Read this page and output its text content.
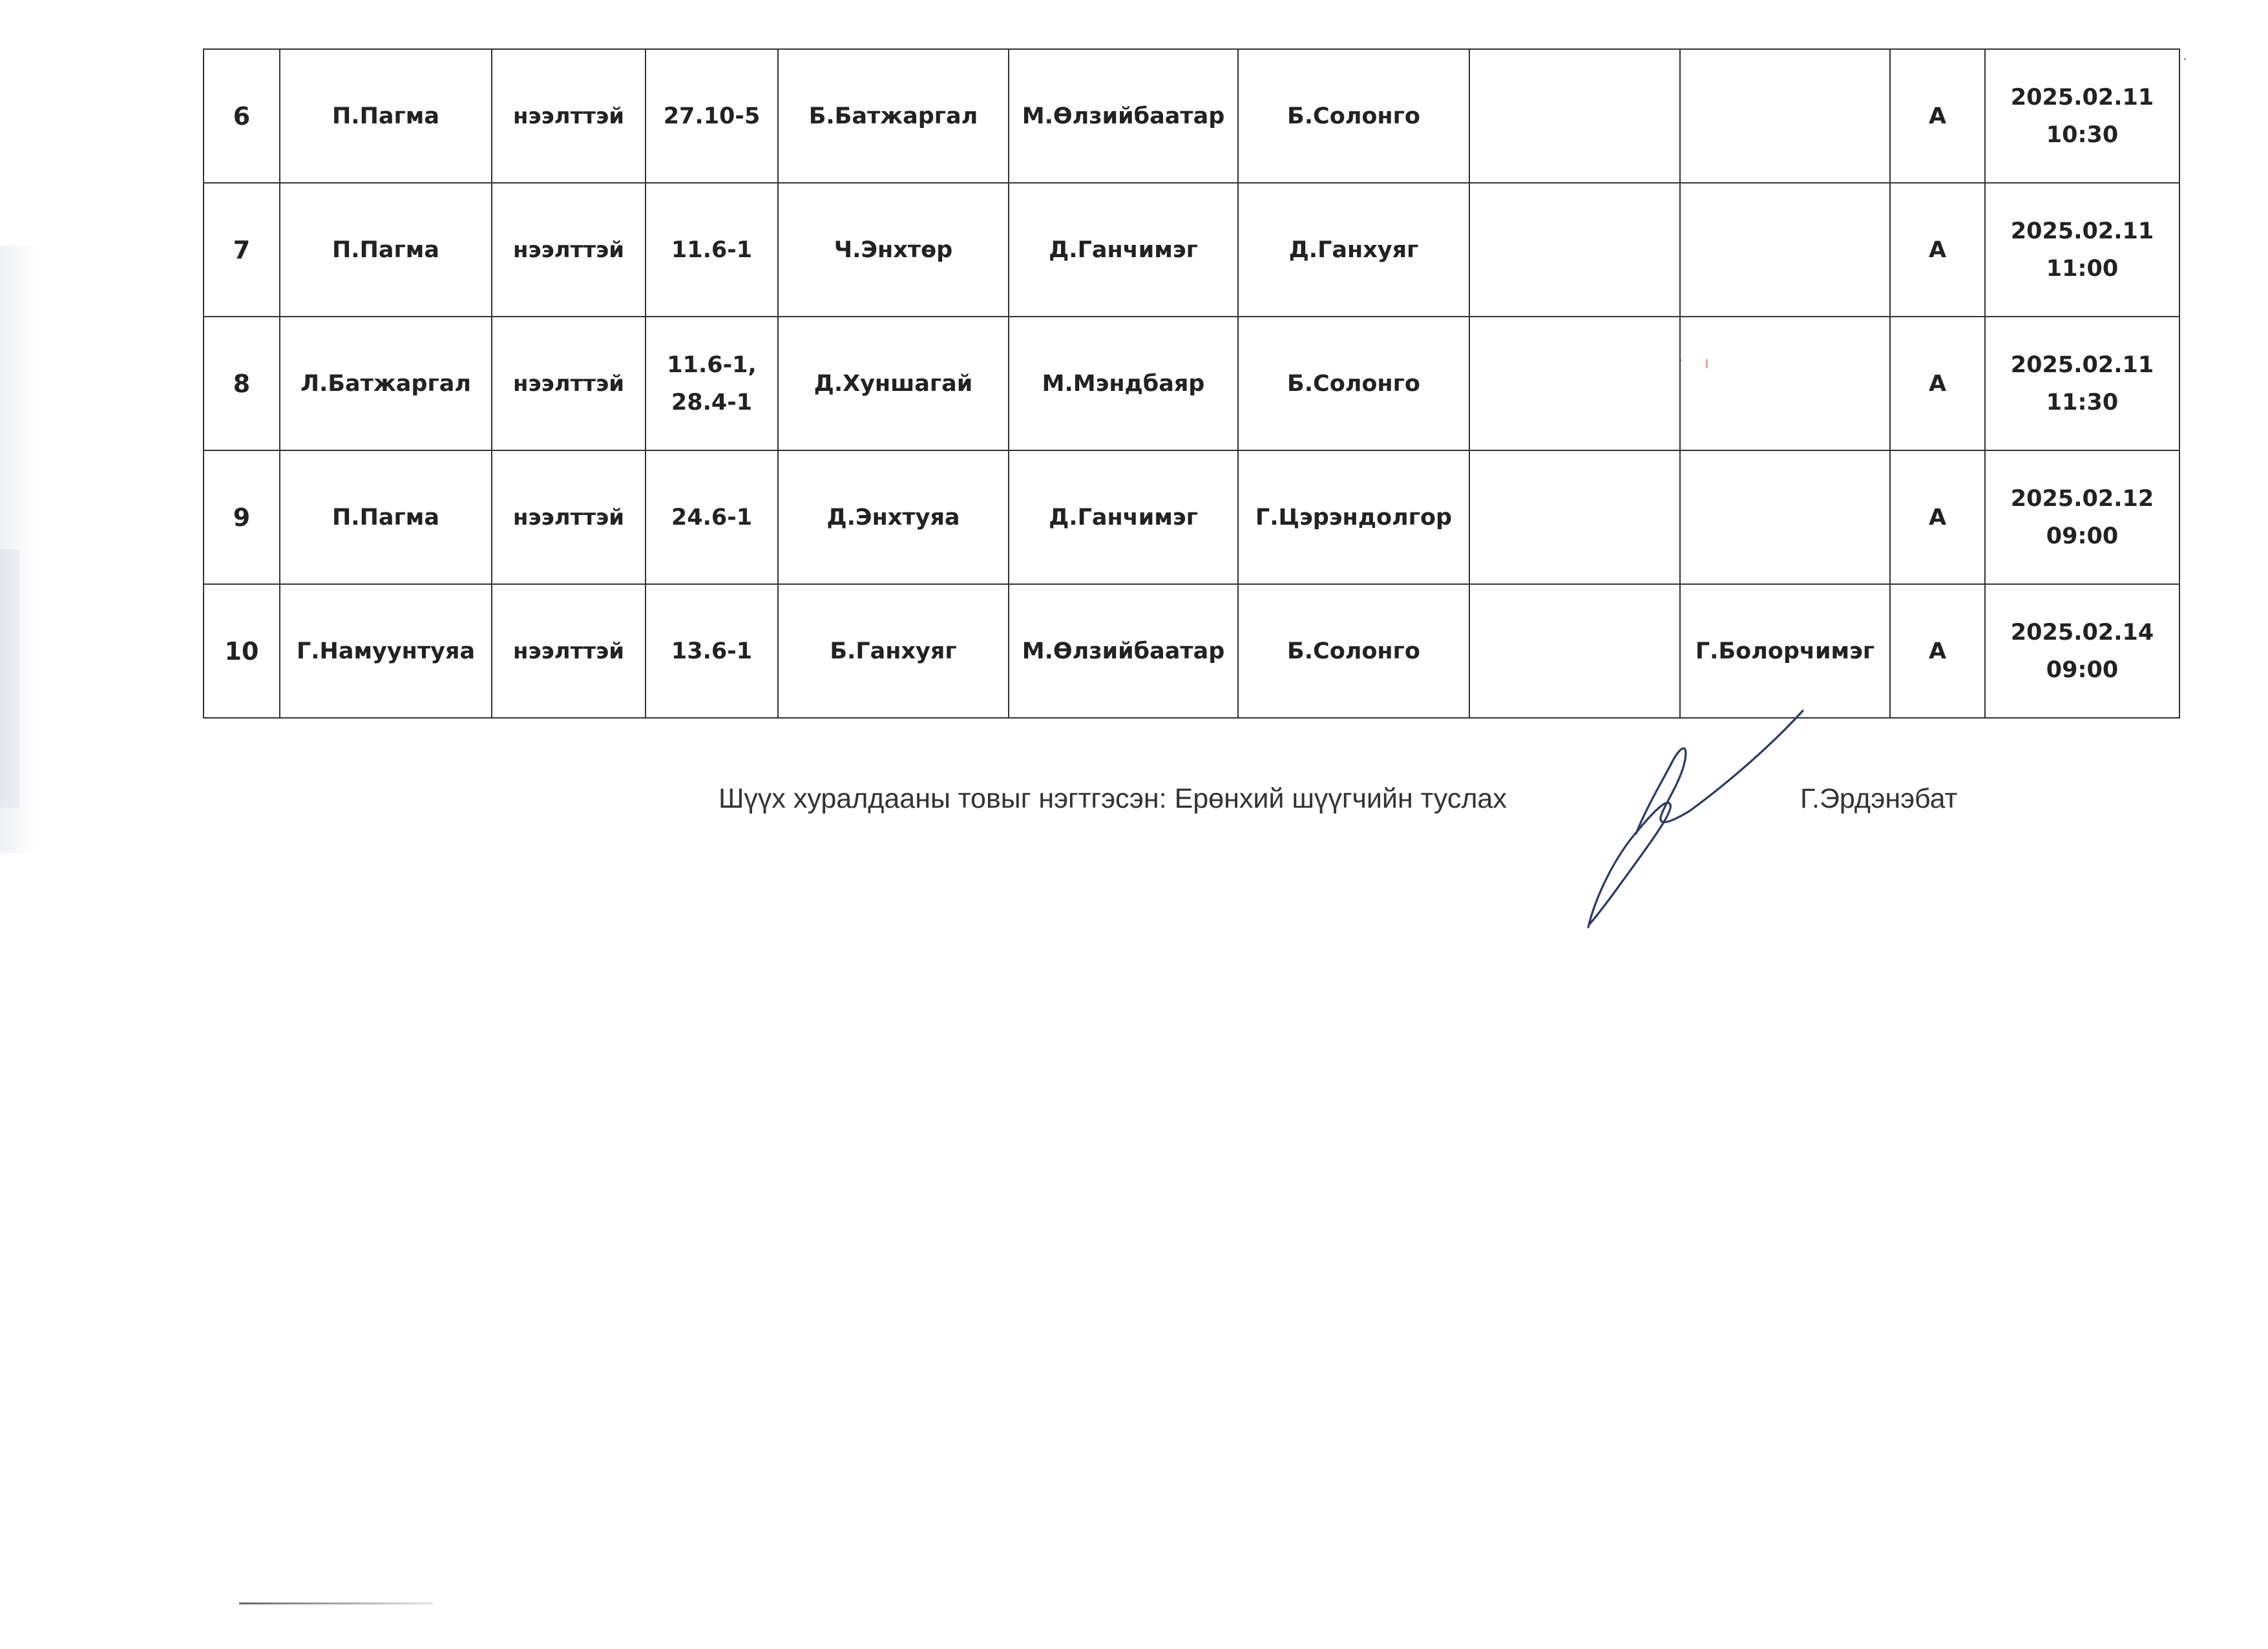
6	П.Пагма	нээлттэй	27.10-5	Б.Батжаргал	М.Өлзийбаатар	Б.Солонго			А	2025.02.11
10:30
7	П.Пагма	нээлттэй	11.6-1	Ч.Энхтөр	Д.Ганчимэг	Д.Ганхуяг			А	2025.02.11
11:00
8	Л.Батжаргал	нээлттэй	11.6-1,
28.4-1	Д.Хуншагай	М.Мэндбаяр	Б.Солонго			А	2025.02.11
11:30
9	П.Пагма	нээлттэй	24.6-1	Д.Энхтуяа	Д.Ганчимэг	Г.Цэрэндолгор			А	2025.02.12
09:00
10	Г.Намуунтуяа	нээлттэй	13.6-1	Б.Ганхуяг	М.Өлзийбаатар	Б.Солонго		Г.Болорчимэг	А	2025.02.14
09:00
Шүүх хуралдааны товыг нэгтгэсэн: Ерөнхий шүүгчийн туслах	Г.Эрдэнэбат
